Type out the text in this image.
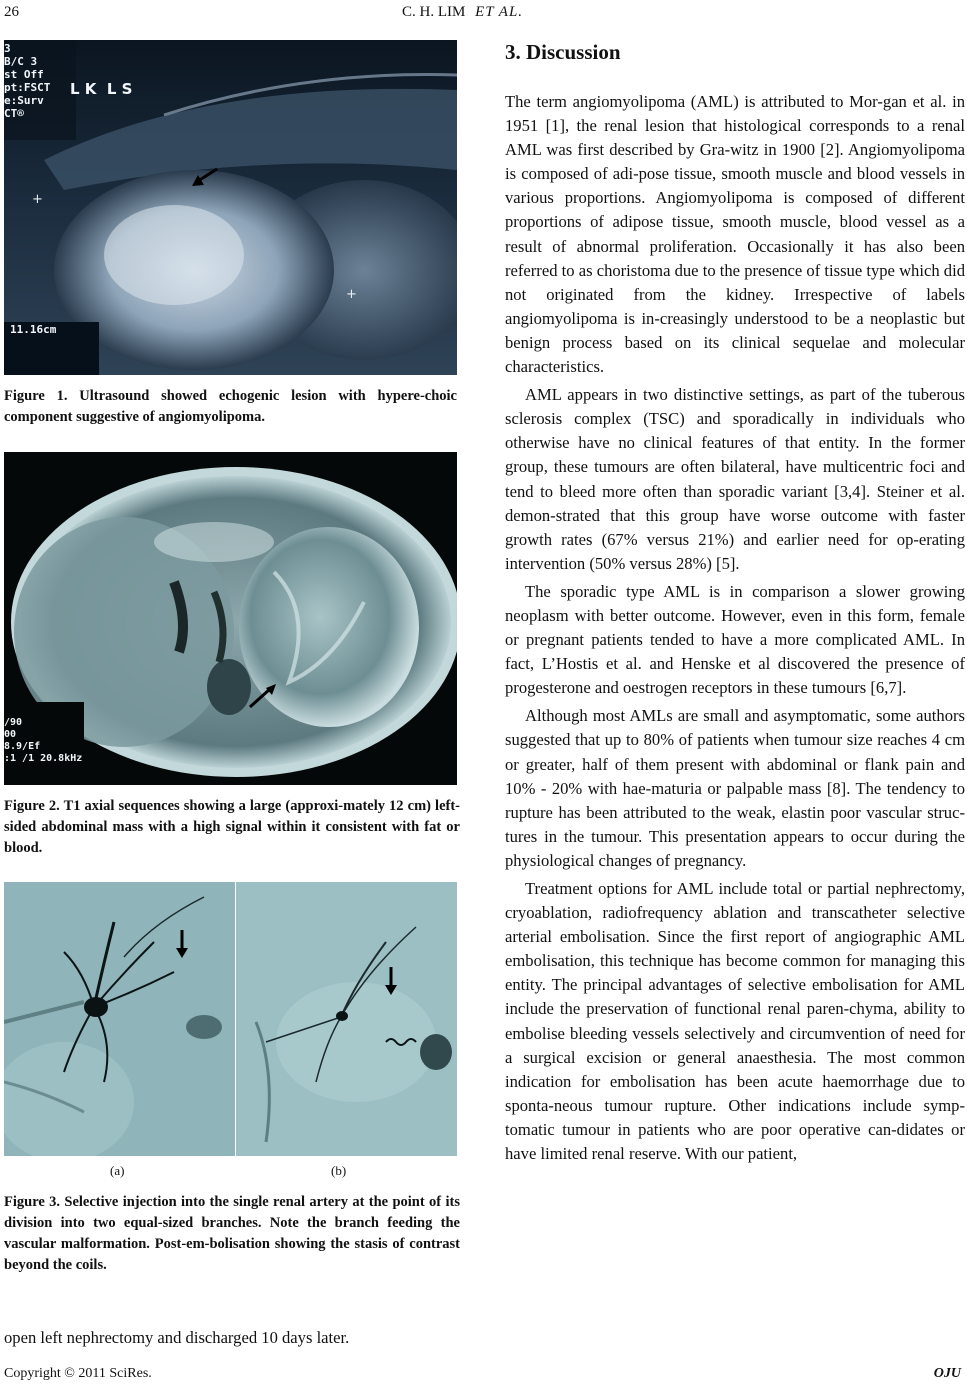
26	C. H. LIM ET AL.
+
+
3
B/C 3
st Off
pt:FSCT
e:Surv
CT®
L K  L S
11.16cm
Figure 1. Ultrasound showed echogenic lesion with hypere-choic component suggestive of angiomyolipoma.
/90
00
8.9/Ef
:1 /1 20.8kHz
Figure 2. T1 axial sequences showing a large (approxi-mately 12 cm) left-sided abdominal mass with a high signal within it consistent with fat or blood.
(a)	(b)
Figure 3. Selective injection into the single renal artery at the point of its division into two equal-sized branches. Note the branch feeding the vascular malformation. Post-em-bolisation showing the stasis of contrast beyond the coils.
open left nephrectomy and discharged 10 days later.
3. Discussion

The term angiomyolipoma (AML) is attributed to Mor-gan et al. in 1951 [1], the renal lesion that histological corresponds to a renal AML was first described by Gra-witz in 1900 [2]. Angiomyolipoma is composed of adi-pose tissue, smooth muscle and blood vessels in various proportions. Angiomyolipoma is composed of different proportions of adipose tissue, smooth muscle, blood vessel as a result of abnormal proliferation. Occasionally it has also been referred to as choristoma due to the presence of tissue type which did not originated from the kidney. Irrespective of labels angiomyolipoma is in-creasingly understood to be a neoplastic but benign process based on its clinical sequelae and molecular characteristics.

AML appears in two distinctive settings, as part of the tuberous sclerosis complex (TSC) and sporadically in individuals who otherwise have no clinical features of that entity. In the former group, these tumours are often bilateral, have multicentric foci and tend to bleed more often than sporadic variant [3,4]. Steiner et al. demon-strated that this group have worse outcome with faster growth rates (67% versus 21%) and earlier need for op-erating intervention (50% versus 28%) [5].

The sporadic type AML is in comparison a slower growing neoplasm with better outcome. However, even in this form, female or pregnant patients tended to have a more complicated AML. In fact, L’Hostis et al. and Henske et al discovered the presence of progesterone and oestrogen receptors in these tumours [6,7].

Although most AMLs are small and asymptomatic, some authors suggested that up to 80% of patients when tumour size reaches 4 cm or greater, half of them present with abdominal or flank pain and 10% - 20% with hae-maturia or palpable mass [8]. The tendency to rupture has been attributed to the weak, elastin poor vascular struc-tures in the tumour. This presentation appears to occur during the physiological changes of pregnancy.

Treatment options for AML include total or partial nephrectomy, cryoablation, radiofrequency ablation and transcatheter selective arterial embolisation. Since the first report of angiographic AML embolisation, this technique has become common for managing this entity. The principal advantages of selective embolisation for AML include the preservation of functional renal paren-chyma, ability to embolise bleeding vessels selectively and circumvention of need for a surgical excision or general anaesthesia. The most common indication for embolisation has been acute haemorrhage due to sponta-neous tumour rupture. Other indications include symp-tomatic tumour in patients who are poor operative can-didates or have limited renal reserve. With our patient,

Copyright © 2011 SciRes.	OJU
